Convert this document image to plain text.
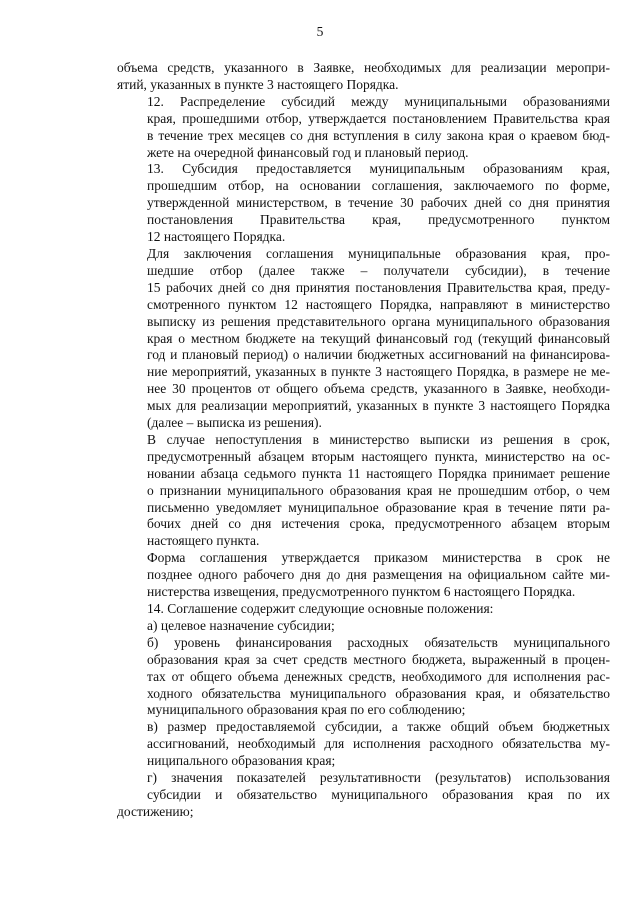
5

объема средств, указанного в Заявке, необходимых для реализации меропри-
ятий, указанных в пункте 3 настоящего Порядка.

12. Распределение субсидий между муниципальными образованиями
края, прошедшими отбор, утверждается постановлением Правительства края
в течение трех месяцев со дня вступления в силу закона края о краевом бюд-
жете на очередной финансовый год и плановый период.

13. Субсидия предоставляется муниципальным образованиям края,
прошедшим отбор, на основании соглашения, заключаемого по форме,
утвержденной министерством, в течение 30 рабочих дней со дня принятия
постановления Правительства края, предусмотренного пунктом
12 настоящего Порядка.

Для заключения соглашения муниципальные образования края, про-
шедшие отбор (далее также – получатели субсидии), в течение
15 рабочих дней со дня принятия постановления Правительства края, преду-
смотренного пунктом 12 настоящего Порядка, направляют в министерство
выписку из решения представительного органа муниципального образования
края о местном бюджете на текущий финансовый год (текущий финансовый
год и плановый период) о наличии бюджетных ассигнований на финансирова-
ние мероприятий, указанных в пункте 3 настоящего Порядка, в размере не ме-
нее 30 процентов от общего объема средств, указанного в Заявке, необходи-
мых для реализации мероприятий, указанных в пункте 3 настоящего Порядка
(далее – выписка из решения).

В случае непоступления в министерство выписки из решения в срок,
предусмотренный абзацем вторым настоящего пункта, министерство на ос-
новании абзаца седьмого пункта 11 настоящего Порядка принимает решение
о признании муниципального образования края не прошедшим отбор, о чем
письменно уведомляет муниципальное образование края в течение пяти ра-
бочих дней со дня истечения срока, предусмотренного абзацем вторым
настоящего пункта.

Форма соглашения утверждается приказом министерства в срок не
позднее одного рабочего дня до дня размещения на официальном сайте ми-
нистерства извещения, предусмотренного пунктом 6 настоящего Порядка.

14. Соглашение содержит следующие основные положения:

а) целевое назначение субсидии;

б) уровень финансирования расходных обязательств муниципального
образования края за счет средств местного бюджета, выраженный в процен-
тах от общего объема денежных средств, необходимого для исполнения рас-
ходного обязательства муниципального образования края, и обязательство
муниципального образования края по его соблюдению;

в) размер предоставляемой субсидии, а также общий объем бюджетных
ассигнований, необходимый для исполнения расходного обязательства му-
ниципального образования края;

г) значения показателей результативности (результатов) использования
субсидии и обязательство муниципального образования края по их достижению;
